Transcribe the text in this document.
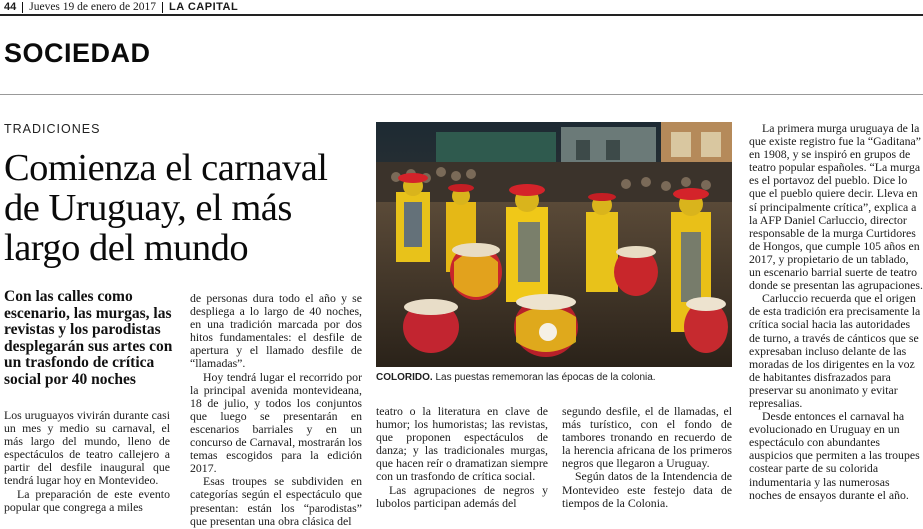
44 Jueves 19 de enero de 2017 LA CAPITAL
SOCIEDAD
TRADICIONES
Comienza el carnaval de Uruguay, el más largo del mundo
Con las calles como escenario, las murgas, las revistas y los parodistas desplegarán sus artes con un trasfondo de crítica social por 40 noches

Los uruguayos vivirán durante casi un mes y medio su carnaval, el más largo del mundo, lleno de espectáculos de teatro callejero a partir del desfile inaugural que tendrá lugar hoy en Montevideo.

La preparación de este evento popular que congrega a miles

de personas dura todo el año y se despliega a lo largo de 40 noches, en una tradición marcada por dos hitos fundamentales: el desfile de apertura y el llamado desfile de “llamadas”.

Hoy tendrá lugar el recorrido por la principal avenida montevideana, 18 de julio, y todos los conjuntos que luego se presentarán en escenarios barriales y en un concurso de Carnaval, mostrarán los temas escogidos para la edición 2017.

Esas troupes se subdividen en categorías según el espectáculo que presentan: están los “parodistas” que presentan una obra clásica del

COLORIDO. Las puestas rememoran las épocas de la colonia.

teatro o la literatura en clave de humor; los humoristas; las revistas, que proponen espectáculos de danza; y las tradicionales murgas, que hacen reír o dramatizan siempre con un trasfondo de crítica social.

Las agrupaciones de negros y lubolos participan además del

segundo desfile, el de llamadas, el más turístico, con el fondo de tambores tronando en recuerdo de la herencia africana de los primeros negros que llegaron a Uruguay.

Según datos de la Intendencia de Montevideo este festejo data de tiempos de la Colonia.

La primera murga uruguaya de la que existe registro fue la “Gaditana” en 1908, y se inspiró en grupos de teatro popular españoles. “La murga es el portavoz del pueblo. Dice lo que el pueblo quiere decir. Lleva en sí principalmente crítica”, explica a la AFP Daniel Carluccio, director responsable de la murga Curtidores de Hongos, que cumple 105 años en 2017, y propietario de un tablado, un escenario barrial suerte de teatro donde se presentan las agrupaciones.

Carluccio recuerda que el origen de esta tradición era precisamente la crítica social hacia las autoridades de turno, a través de cánticos que se expresaban incluso delante de las moradas de los dirigentes en la voz de habitantes disfrazados para preservar su anonimato y evitar represalias.

Desde entonces el carnaval ha evolucionado en Uruguay en un espectáculo con abundantes auspicios que permiten a las troupes costear parte de su colorida indumentaria y las numerosas noches de ensayos durante el año.
